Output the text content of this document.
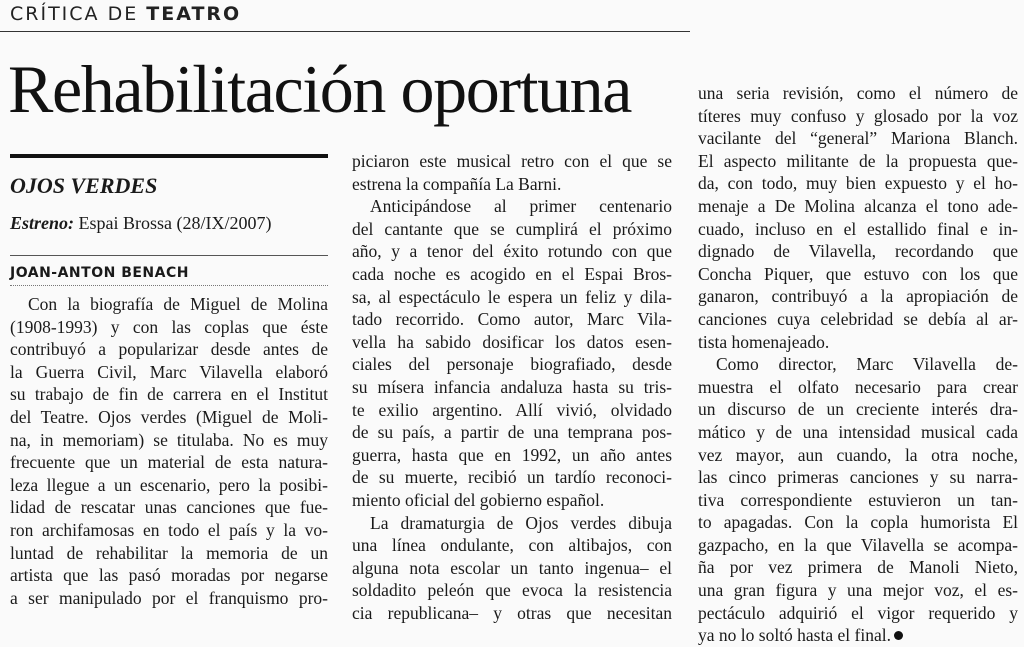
CRÍTICA DE TEATRO
Rehabilitación oportuna
OJOS VERDES
Estreno: Espai Brossa (28/IX/2007)
JOAN-ANTON BENACH
Con la biografía de Miguel de Molina
(1908-1993) y con las coplas que éste
contribuyó a popularizar desde antes de
la Guerra Civil, Marc Vilavella elaboró
su trabajo de fin de carrera en el Institut
del Teatre. Ojos verdes (Miguel de Moli-
na, in memoriam) se titulaba. No es muy
frecuente que un material de esta natura-
leza llegue a un escenario, pero la posibi-
lidad de rescatar unas canciones que fue-
ron archifamosas en todo el país y la vo-
luntad de rehabilitar la memoria de un
artista que las pasó moradas por negarse
a ser manipulado por el franquismo pro-
piciaron este musical retro con el que se
estrena la compañía La Barni.
Anticipándose al primer centenario
del cantante que se cumplirá el próximo
año, y a tenor del éxito rotundo con que
cada noche es acogido en el Espai Bros-
sa, al espectáculo le espera un feliz y dila-
tado recorrido. Como autor, Marc Vila-
vella ha sabido dosificar los datos esen-
ciales del personaje biografiado, desde
su mísera infancia andaluza hasta su tris-
te exilio argentino. Allí vivió, olvidado
de su país, a partir de una temprana pos-
guerra, hasta que en 1992, un año antes
de su muerte, recibió un tardío reconoci-
miento oficial del gobierno español.
La dramaturgia de Ojos verdes dibuja
una línea ondulante, con altibajos, con
alguna nota escolar un tanto ingenua– el
soldadito peleón que evoca la resistencia
cia republicana– y otras que necesitan
una seria revisión, como el número de
títeres muy confuso y glosado por la voz
vacilante del “general” Mariona Blanch.
El aspecto militante de la propuesta que-
da, con todo, muy bien expuesto y el ho-
menaje a De Molina alcanza el tono ade-
cuado, incluso en el estallido final e in-
dignado de Vilavella, recordando que
Concha Piquer, que estuvo con los que
ganaron, contribuyó a la apropiación de
canciones cuya celebridad se debía al ar-
tista homenajeado.
Como director, Marc Vilavella de-
muestra el olfato necesario para crear
un discurso de un creciente interés dra-
mático y de una intensidad musical cada
vez mayor, aun cuando, la otra noche,
las cinco primeras canciones y su narra-
tiva correspondiente estuvieron un tan-
to apagadas. Con la copla humorista El
gazpacho, en la que Vilavella se acompa-
ña por vez primera de Manoli Nieto,
una gran figura y una mejor voz, el es-
pectáculo adquirió el vigor requerido y
ya no lo soltó hasta el final.
